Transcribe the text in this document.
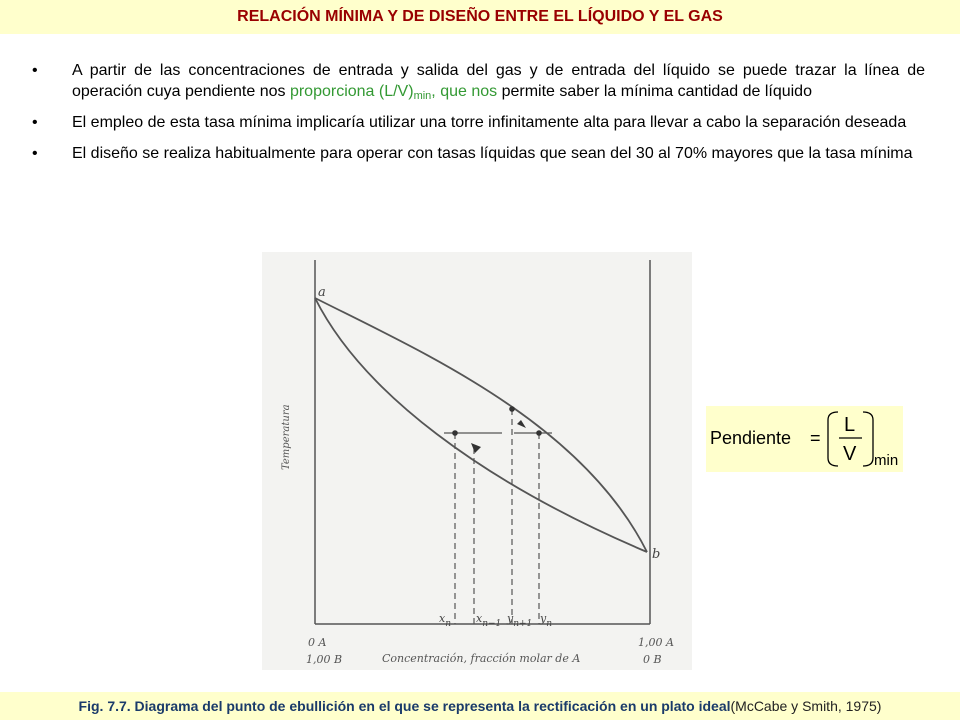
RELACIÓN MÍNIMA Y DE DISEÑO ENTRE EL LÍQUIDO Y EL GAS
• A partir de las concentraciones de entrada y salida del gas y de entrada del líquido se puede trazar la línea de operación cuya pendiente nos proporciona $(L/V)_{min}$, que nos permite saber la mínima cantidad de líquido
• El empleo de esta tasa mínima implicaría utilizar una torre infinitamente alta para llevar a cabo la separación deseada
• El diseño se realiza habitualmente para operar con tasas líquidas que sean del 30 al 70% mayores que la tasa mínima
a
b
Temperatura
Concentración, fracción molar de A
0 A
1,00 B
1,00 A
0 B
$x_n$ $x_{n-1}$ $y_{n+1}$ $y_n$
Pendiente =
L
V min
Fig. 7.7. Diagrama del punto de ebullición en el que se representa la rectificación en un plato ideal (McCabe y Smith, 1975)
